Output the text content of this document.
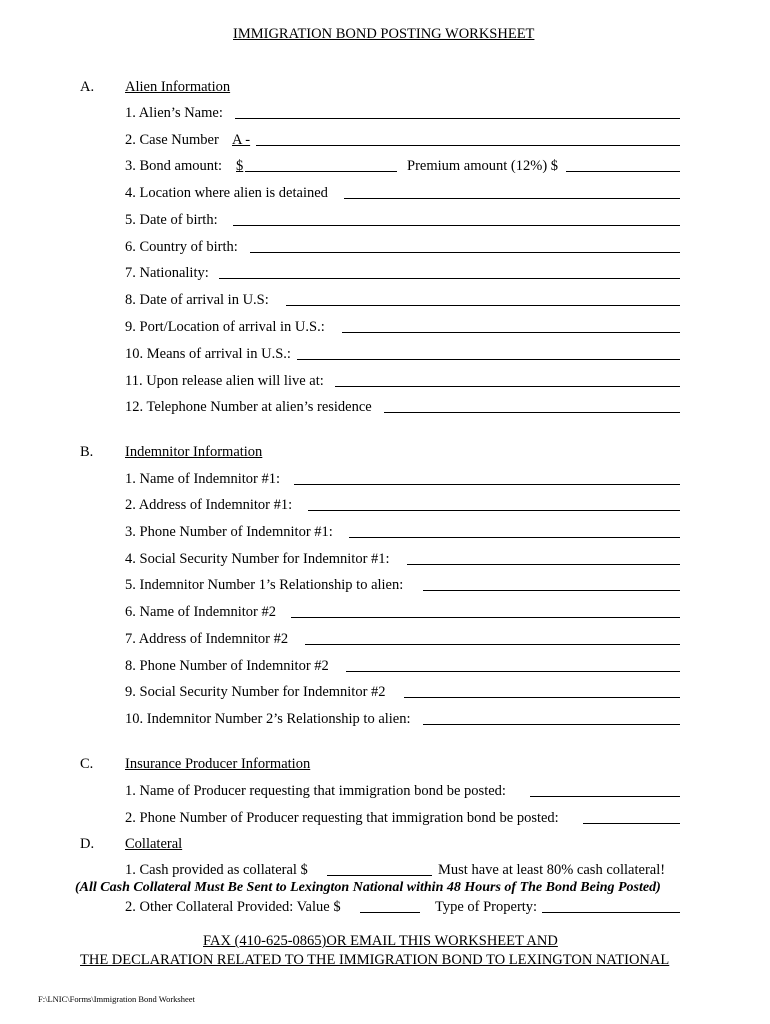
IMMIGRATION BOND POSTING WORKSHEET
A. Alien Information
1. Alien’s Name:
2. Case Number A -
3. Bond amount: $	Premium amount (12%) $
4. Location where alien is detained
5. Date of birth:
6. Country of birth:
7. Nationality:
8. Date of arrival in U.S:
9. Port/Location of arrival in U.S.:
10. Means of arrival in U.S.:
11. Upon release alien will live at:
12. Telephone Number at alien’s residence
B. Indemnitor Information
1. Name of Indemnitor #1:
2. Address of Indemnitor #1:
3. Phone Number of Indemnitor #1:
4. Social Security Number for Indemnitor #1:
5. Indemnitor Number 1’s Relationship to alien:
6. Name of Indemnitor #2
7. Address of Indemnitor #2
8. Phone Number of Indemnitor #2
9. Social Security Number for Indemnitor #2
10. Indemnitor Number 2’s Relationship to alien:
C. Insurance Producer Information
1. Name of Producer requesting that immigration bond be posted:
2. Phone Number of Producer requesting that immigration bond be posted:
D. Collateral
1. Cash provided as collateral $	Must have at least 80% cash collateral!
(All Cash Collateral Must Be Sent to Lexington National within 48 Hours of The Bond Being Posted)
2. Other Collateral Provided: Value $	Type of Property:
FAX (410-625-0865)OR EMAIL THIS WORKSHEET AND
THE DECLARATION RELATED TO THE IMMIGRATION BOND TO LEXINGTON NATIONAL
F:\LNIC\Forms\Immigration Bond Worksheet
